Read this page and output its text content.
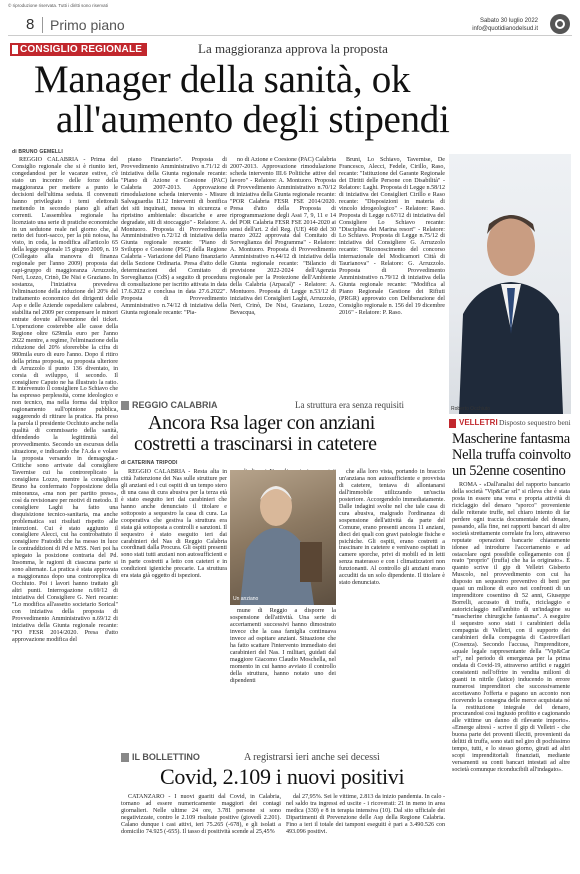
© riproduzione riservata. Tutti i diritti sono riservati
8 Primo piano	Sabato 30 luglio 2022
info@quotidianodelsud.it
CONSIGLIO REGIONALE	La maggioranza approva la proposta
Manager della sanità, ok
all'aumento degli stipendi
di BRUNO GEMELLI

REGGIO CALABRIA - Prima del Consiglio regionale che si è riunito ieri, congedandosi per le vacanze estive, c'è stato un incontro delle forze della maggioranza per mettere a punto le decisioni dell'ultima seduta. Il convenuti hanno privilegiato i temi elettorali mettendo in secondo piano gli affari correnti. L'assemblea regionale ha licenziato una serie di pratiche economiche in un sedutone reale nel giorno che, al netto dei fuori-sacco, per la più noiosa, ha visto, in coda, la modifica all'articolo 65 della legge regionale 15 giugno 2009, n. 19 (Collegato alla manovra di finanza regionale per l'anno 2009) proposta dai capi-gruppo di maggioranza Arruzzolo, Neri, Lozzo, Crinò, De Nisi e Graziano. In sostanza, l'iniziativa prevedeva l'eliminazione della riduzione del 20% del trattamento economico dei dirigenti delle Asp e delle Aziende ospedaliere calabresi, stabilita nel 2009 per compensare le minori entrate dovute all'esenzione del ticket. L'operazione costerebbe alle casse della Regione oltre 629mila euro per l'anno 2022 mentre, a regime, l'eliminazione della riduzione del 20% sforerebbe la cifra di 980mila euro di euro l'anno. Dopo il ritiro della prima proposta, su proposta ulteriore di Arruzzolo il punto 136 diventato, in corsia di sviluppo, il secondo. Il consigliere Caputo ne ha illustrato la ratio. E intervenuto il consigliere Lo Schiavo che ha espresso perplessità, come ideologico e non tecnico, ma nella forma dal triplice ragionamento sull'opinione pubblica, suggerendo di ritirare la pratica. Ha preso la parola il presidente Occhiuto anche nella qualità di commissario della sanità, difendendo la legittimità del provvedimento. Secondo un escursus della situazione, e indicando che l'A.da e volare la proposta versando in demagogia.- Critiche sono arrivate dal consigliere Tavernise cui ha controreplicato la consigliera Lozzo, mentre la consigliera Bruno ha confermato l'opposizione della minoranza, «ma non per partito preso», così da revisionare per motivi di metodo. Il consigliere Laghi ha fatto una disquisizione tecnico-sanitaria, ma anche problematica sui risultati rispetto alle intenzioni. Cui è stato aggiunto il consigliere Alecci, cui ha controbattuto il consigliere Fratoddi che ha messo in luce le contraddizioni di Pd e M5S. Neri poi ha spiegato la posizione contraria del Pd. Insomma, le ragioni di ciascuna parte si sono alternate. La pratica è stata approvata a maggioranza dopo una controreplica di Occhiuto. Poi i lavori hanno trattato gli altri punti. Interrogazione n.69/12 di iniziativa del Consigliere G. Neri recante: "Lo modifica all'assetto societario Sorical" con iniziativa della proposta di Provvedimento Amministrativo n.69/12 di iniziativa della Giunta regionale recante: "PO FESR 2014/2020. Presa d'atto approvazione modifica del

piano Finanziario". Proposta di Provvedimento Amministrativo n.71/12 di iniziativa della Giunta regionale recante: "Piano di Azione e Coesione (PAC) Calabria 2007-2013. Approvazione rimodulazione scheda intervento - Misure Salvaguardia II.12 Interventi di bonifica dei siti inquinati, messa in sicurezza e ripristino ambientale: discariche e aree degradate, siti di stoccaggio" - Relatore: A. Montuoro. Proposta di Provvedimento Amministrativo n.72/12 di iniziativa della Giunta regionale recante: "Piano di Sviluppo e Coesione (PSC) della Regione Calabria - Variazione del Piano finanziario della Sezione Ordinaria. Presa d'atto delle determinazioni del Comitato di Sorveglianza (CdS) a seguito di procedura di consultazione per iscritto attivata in data 17.6.2022 e conclusa in data 27.6.2022". Proposta di Provvedimento Amministrativo n.74/12 di iniziativa della Giunta regionale recante: "Pia-

no di Azione e Coesione (PAC) Calabria 2007-2013. Approvazione rimodulazione scheda intervento III.6 Politiche attive del lavoro" - Relatore: A. Montuoro. Proposta di Provvedimento Amministrativo n.70/12 di iniziativa della Giunta regionale recante: "POR Calabria FESR FSE 2014/2020. Presa d'atto della Proposta di riprogrammazione degli Assi 7, 9, 11 e 14 del POR Calabria FESR FSE 2014-2020 ai sensi dell'art. 2 del Reg. (UE) 460 del 30 marzo 2022 approvata dal Comitato di Sorveglianza del Programma" - Relatore: A. Montuoro. Proposta di Provvedimento Amministrativo n.44/12 di iniziativa della Giunta regionale recante: "Bilancio di previsione 2022-2024 dell'Agenzia regionale per la Protezione dell'Ambiente della Calabria (Arpacal)" - Relatore: A. Montuoro. Proposta di Legge n.53/12 di iniziativa dei Consiglieri Laghi, Arruzzolo, Neri, Crinò, De Nisi, Graziano, Lozzo, Bevacqua,

Bruni, Lo Schiavo, Tavernise, De Francesco, Alecci, Fedele, Cirillo, Raso, recante: "Istituzione del Garante Regionale dei Diritti delle Persone con Disabilità" - Relatore: Laghi. Proposta di Legge n.58/12 di iniziativa dei Consiglieri Cirillo e Raso recante: "Disposizioni in materia di vincolo idrogeologico" - Relatore: Raso. Proposta di Legge n.67/12 di iniziativa del Consigliere Lo Schiavo recante: "Disciplina dei Marina resort" - Relatore: Lo Schiavo. Proposta di Legge n.75/12 di iniziativa del Consigliere G. Arruzzolo recante: "Riconoscimento del concorso internazionale del Modicamori Città di Taurianova" - Relatore: G. Arruzzolo. Proposta di Provvedimento Amministrativo n.79/12 di iniziativa della Giunta regionale recante: "Modifica al Piano Regionale Gestione dei Rifiuti (PRGR) approvato con Deliberazione del Consiglio regionale n. 156 del 19 dicembre 2016" - Relatore: P. Raso.

Roberto Occhiuto
REGGIO CALABRIA	La struttura era senza requisiti
Ancora Rsa lager con anziani
costretti a trascinarsi in catetere
di CATERINA TRIPODI

REGGIO CALABRIA - Resta alta in città l'attenzione dei Nas sulle strutture per gli anziani ed i cui ospiti di un tempo stero di una casa di cura abusiva per la terza età è stato eseguito ieri dai carabinieri che hanno anche denunciato il titolare e sottoposto a sequestro la casa di cura. La cooperativa che gestiva la struttura era stata già sottoposta a controlli e sanzioni. Il sequestro è stato eseguito ieri dai carabinieri del Nas di Reggio Calabria coordinati dalla Procura. Gli ospiti presenti sono stati tutti anziani non autosufficienti e in parte costretti a letto con cateteri e in condizioni igieniche precarie. La struttura era stata già oggetto di ispezioni.

Un anziano

mune di Reggio a disporre la sospensione dell'attività. Una serie di accertamenti successivi hanno dimostrato invece che la casa famiglia continuava invece ad ospitare anziani. Situazione che ha fatto scattare l'intervento immediato dei carabinieri del Nas. I militari, guidati dal maggiore Giacomo Claudio Moschella, nel momento in cui hanno avviato il controllo della struttura, hanno notato uno dei dipendenti

che alla loro vista, portando in braccio un'anziana non autosufficiente e provvista di catetere, tentava di allontanarsi dall'immobile utilizzando un'uscita posteriore. Accorgendolo immediatamente. Dalle indagini svolte nel che tale casa di cura abusiva, malgrado l'ordinanza di sospensione dell'attività da parte del Comune, erano presenti ancora 11 anziani, dieci dei quali con gravi patologie fisiche e psichiche. Gli ospiti, erano costretti a trascinare in catetere e venivano ospitati in camere sporche, privi di mobili ed in letti senza materasso e con i climatizzatori non funzionanti. Al controllo gli anziani erano accuditi da un solo dipendente. Il titolare è stato denunciato.

VELLETRI Disposto sequestro beni
Mascherine fantasma
Nella truffa coinvolto
un 52enne cosentino

ROMA - «Dall'analisi del rapporto bancario della società "Vip&Car srl" si rileva che è stata posta in essere una vera e propria attività di riciclaggio del denaro "sporco" proveniente dalle reiterate truffe, nel chiaro intento di far perdere ogni traccia documentale del denaro, passando, alla fine, nei rapporti bancari di altre società strettamente correlate fra loro, attraverso reputate operazioni bancarie chiaramente idonee ad introdurre l'accertamento e ad ostacolare ogni possibile collegamento con il reato "proprio" (truffa) che ha la originato». È quanto scrive il gip di Velletri Gisberto Muscolo, nel provvedimento con cui ha disposto un sequestro preventivo di beni per quasi un milione di euro nei confronti di un imprenditore cosentino di 52 anni, Giuseppe Borrelli, accusato di truffa, riciclaggio e autoriciclaggio nell'ambito di un'indagine su "mascherine chirurgiche fantasma". A eseguire il sequestro sono stati i carabinieri della compagnia di Velletri, con il supporto dei carabinieri della compagnia di Castrovillari (Cosenza). Secondo l'accusa, l'imprenditore, «quale legale rappresentante della "Vip&Car srl", nel periodo di emergenza per la prima ondata di Covid-19, attraverso artifici e raggiri consistenti nell'offrire in vendita milioni di guanti in nitrile (latice) inducendo in errore numerosi imprenditori che successivamente accettavano l'offerta e pagano un acconto non ricevendo la consegna delle merce acquistata né la restituzione integrale del denaro, procurandosi così ingiusto profitto e cagionando alle vittime un danno di rilevante importo». «Emerge altresì - scrive il gip di Velletri - che buona parte dei proventi illeciti, provenienti da delitti di truffa, sono stati nel giro di pochissimo tempo, tutti, e lo stesso giorno, girati ad altri scopi imprenditoriali finanziati, mediante versamenti su conti bancari intestati ad altre società comunque riconducibili all'indagato».

IL BOLLETTINO	A registrarsi ieri anche sei decessi
Covid, 2.109 i nuovi positivi

CATANZARO - I nuovi guariti dal Covid, in Calabria, tornano ad essere numericamente maggiori dei contagi giornalieri. Nelle ultime 24 ore, 3.781 persone si sono negativizzate, contro le 2.109 risultate positive (giovedì 2.201). Calano dunque i casi attivi, ieri 75.265 (-678), e gli isolati a domicilio 74.925 (-655). Il tasso di positività scende al 25,45%

dal 27,95%. Sei le vittime, 2.813 da inizio pandemia. In calo - nel saldo tra ingressi ed uscite - i ricoverati: 21 in meno in area medica (330) e 8 in terapia intensiva (10). Dal sito ufficiale dei Dipartimenti di Prevenzione delle Asp della Regione Calabria. Fino a ieri il totale dei tamponi eseguiti è pari a 3.490.526 con 493.096 positivi.
